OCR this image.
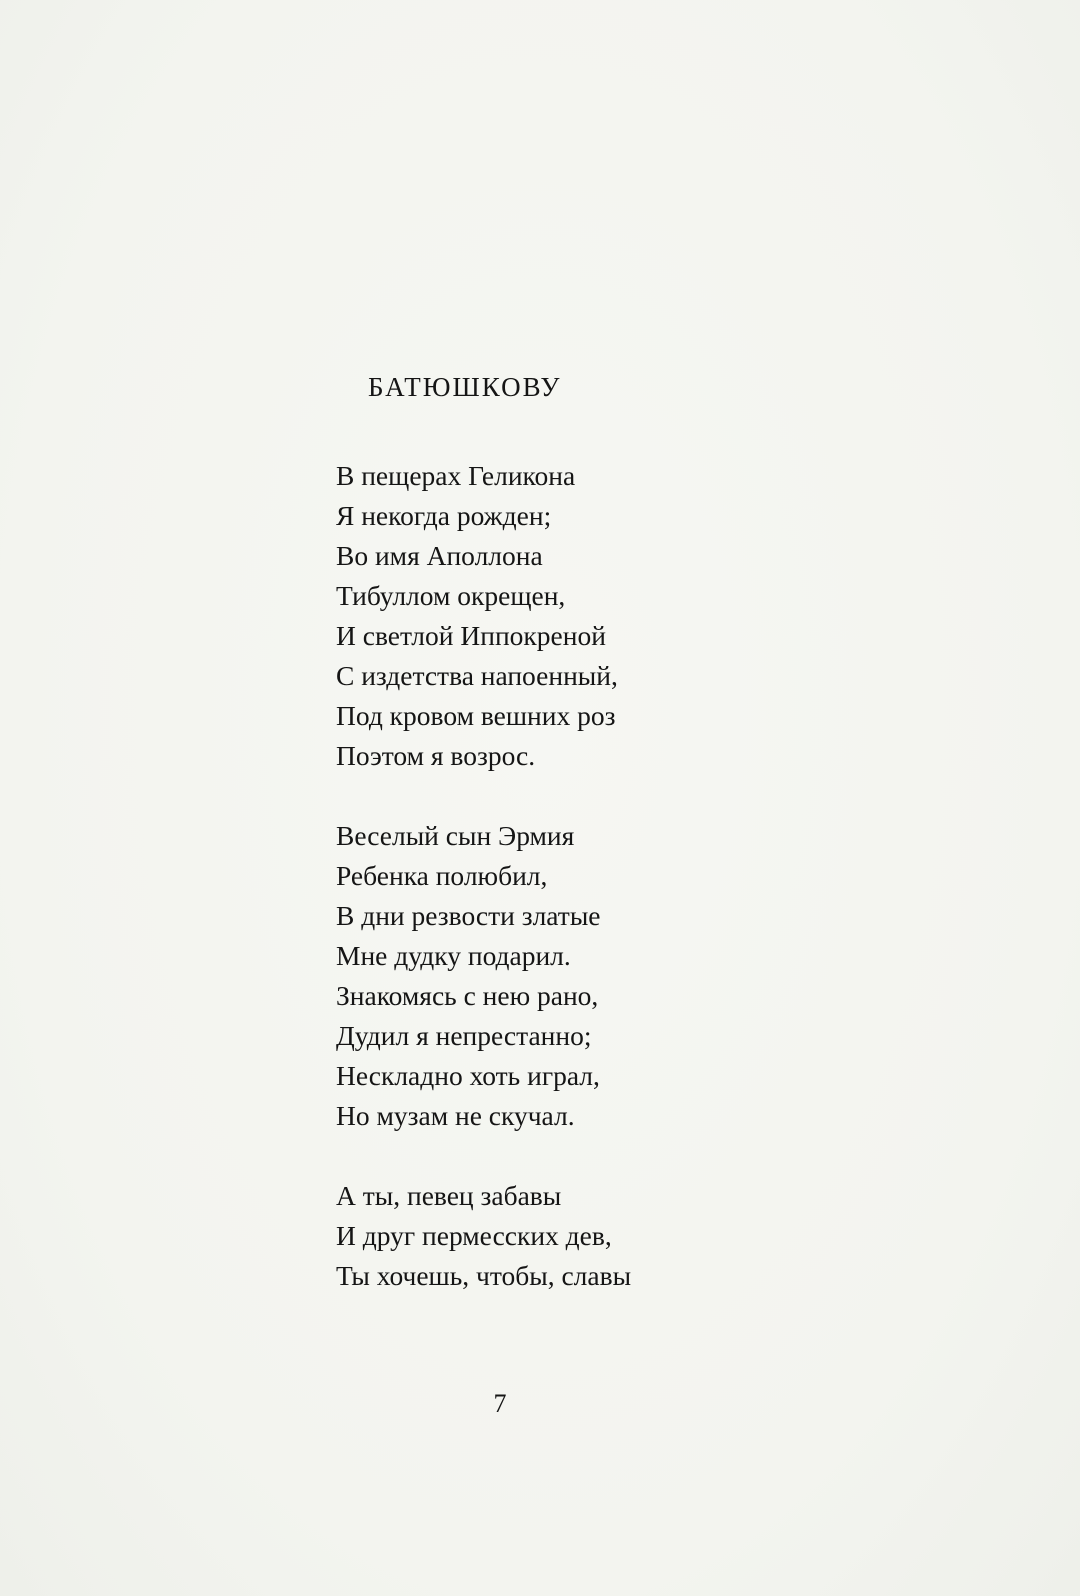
БАТЮШКОВУ
В пещерах Геликона
Я некогда рожден;
Во имя Аполлона
Тибуллом окрещен,
И светлой Иппокреной
С издетства напоенный,
Под кровом вешних роз
Поэтом я возрос.
Веселый сын Эрмия
Ребенка полюбил,
В дни резвости златые
Мне дудку подарил.
Знакомясь с нею рано,
Дудил я непрестанно;
Нескладно хоть играл,
Но музам не скучал.
А ты, певец забавы
И друг пермесских дев,
Ты хочешь, чтобы, славы
7
